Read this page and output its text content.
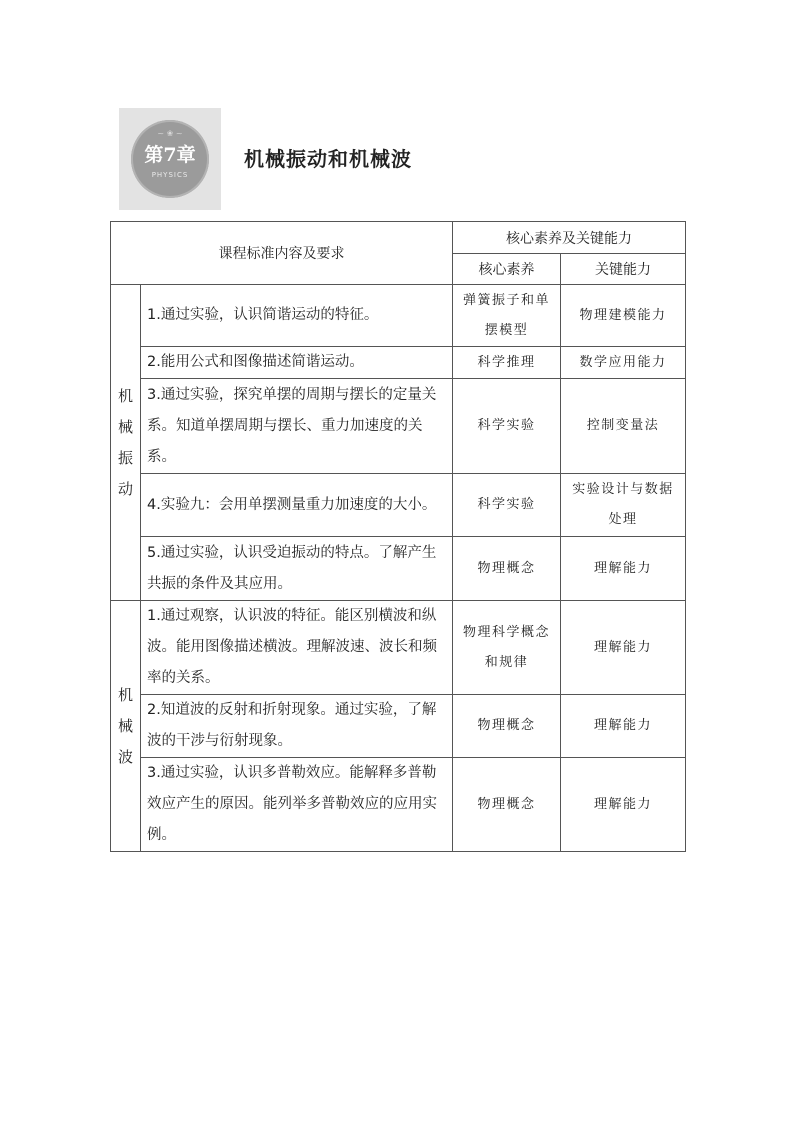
~ ❀ ~
第7章
PHYSICS
机械振动和机械波
课程标准内容及要求		核心素养及关键能力	
		核心素养	关键能力
机械振动	1.通过实验，认识简谐运动的特征。	弹簧振子和单摆模型	物理建模能力
	2.能用公式和图像描述简谐运动。	科学推理	数学应用能力
	3.通过实验，探究单摆的周期与摆长的定量关系。知道单摆周期与摆长、重力加速度的关系。	科学实验	控制变量法
	4.实验九：会用单摆测量重力加速度的大小。	科学实验	实验设计与数据处理
	5.通过实验，认识受迫振动的特点。了解产生共振的条件及其应用。	物理概念	理解能力
机械波	1.通过观察，认识波的特征。能区别横波和纵波。能用图像描述横波。理解波速、波长和频率的关系。	物理科学概念和规律	理解能力
	2.知道波的反射和折射现象。通过实验，了解波的干涉与衍射现象。	物理概念	理解能力
	3.通过实验，认识多普勒效应。能解释多普勒效应产生的原因。能列举多普勒效应的应用实例。	物理概念	理解能力
